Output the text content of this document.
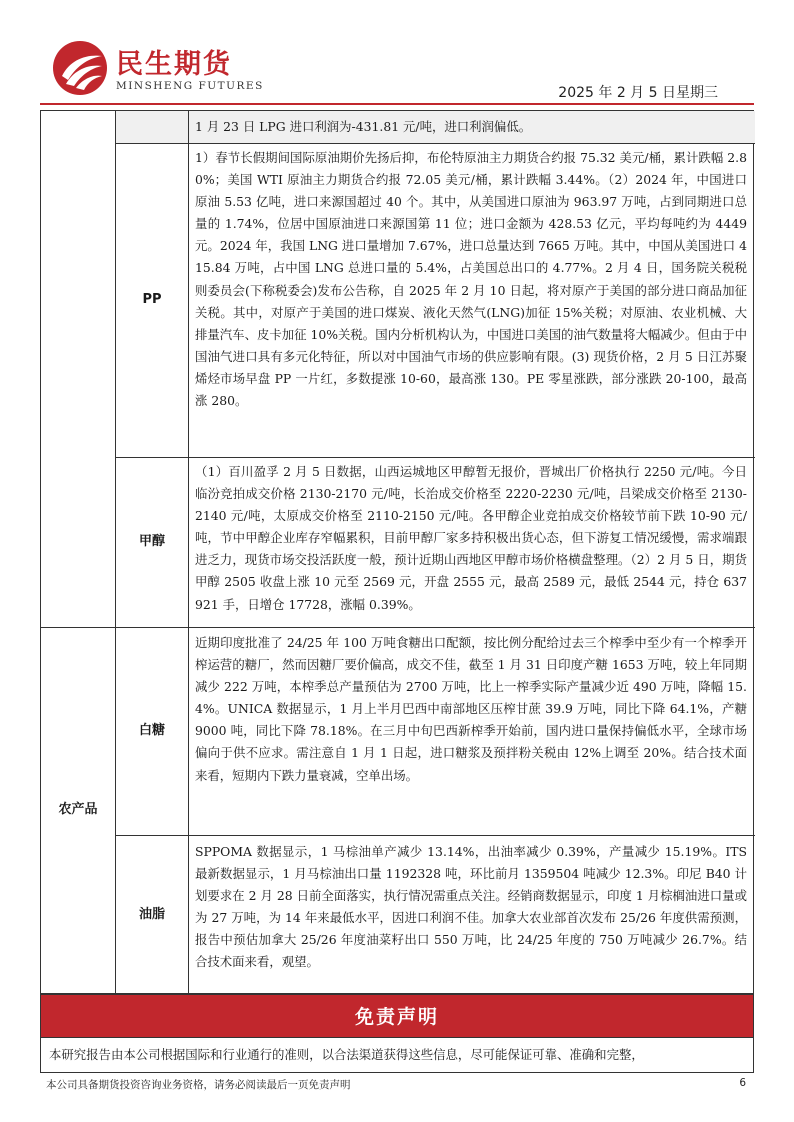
民生期货
MINSHENG FUTURES	2025 年 2 月 5 日星期三
1 月 23 日 LPG 进口利润为-431.81 元/吨，进口利润偏低。
PP
1）春节长假期间国际原油期价先扬后抑，布伦特原油主力期货合约报 75.32 美元/桶，累计跌幅 2.80%；美国 WTI 原油主力期货合约报 72.05 美元/桶，累计跌幅 3.44%。（2）2024 年，中国进口原油 5.53 亿吨，进口来源国超过 40 个。其中，从美国进口原油为 963.97 万吨，占到同期进口总量的 1.74%，位居中国原油进口来源国第 11 位；进口金额为 428.53 亿元，平均每吨约为 4449 元。2024 年，我国 LNG 进口量增加 7.67%，进口总量达到 7665 万吨。其中，中国从美国进口 415.84 万吨，占中国 LNG 总进口量的 5.4%，占美国总出口的 4.77%。2 月 4 日，国务院关税税则委员会(下称税委会)发布公告称，自 2025 年 2 月 10 日起，将对原产于美国的部分进口商品加征关税。其中，对原产于美国的进口煤炭、液化天然气(LNG)加征 15%关税；对原油、农业机械、大排量汽车、皮卡加征 10%关税。国内分析机构认为，中国进口美国的油气数量将大幅减少。但由于中国油气进口具有多元化特征，所以对中国油气市场的供应影响有限。(3) 现货价格，2 月 5 日江苏聚烯烃市场早盘 PP 一片红，多数提涨 10-60，最高涨 130。PE 零星涨跌，部分涨跌 20-100，最高涨 280。
甲醇
（1）百川盈孚 2 月 5 日数据，山西运城地区甲醇暂无报价，晋城出厂价格执行 2250 元/吨。今日临汾竞拍成交价格 2130-2170 元/吨，长治成交价格至 2220-2230 元/吨，吕梁成交价格至 2130-2140 元/吨，太原成交价格至 2110-2150 元/吨。各甲醇企业竞拍成交价格较节前下跌 10-90 元/吨，节中甲醇企业库存窄幅累积，目前甲醇厂家多持积极出货心态，但下游复工情况缓慢，需求端跟进乏力，现货市场交投活跃度一般，预计近期山西地区甲醇市场价格横盘整理。（2）2 月 5 日，期货甲醇 2505 收盘上涨 10 元至 2569 元，开盘 2555 元，最高 2589 元，最低 2544 元，持仓 637921 手，日增仓 17728，涨幅 0.39%。
农产品
白糖
近期印度批准了 24/25 年 100 万吨食糖出口配额，按比例分配给过去三个榨季中至少有一个榨季开榨运营的糖厂，然而因糖厂要价偏高，成交不佳，截至 1 月 31 日印度产糖 1653 万吨，较上年同期减少 222 万吨，本榨季总产量预估为 2700 万吨，比上一榨季实际产量减少近 490 万吨，降幅 15.4%。UNICA 数据显示，1 月上半月巴西中南部地区压榨甘蔗 39.9 万吨，同比下降 64.1%，产糖 9000 吨，同比下降 78.18%。在三月中旬巴西新榨季开始前，国内进口量保持偏低水平，全球市场偏向于供不应求。需注意自 1 月 1 日起，进口糖浆及预拌粉关税由 12%上调至 20%。结合技术面来看，短期内下跌力量衰减，空单出场。
油脂
SPPOMA 数据显示，1 马棕油单产减少 13.14%，出油率减少 0.39%，产量减少 15.19%。ITS 最新数据显示，1 月马棕油出口量 1192328 吨，环比前月 1359504 吨减少 12.3%。印尼 B40 计划要求在 2 月 28 日前全面落实，执行情况需重点关注。经销商数据显示，印度 1 月棕榈油进口量或为 27 万吨，为 14 年来最低水平，因进口利润不佳。加拿大农业部首次发布 25/26 年度供需预测，报告中预估加拿大 25/26 年度油菜籽出口 550 万吨，比 24/25 年度的 750 万吨减少 26.7%。结合技术面来看，观望。
免责声明
本研究报告由本公司根据国际和行业通行的准则，以合法渠道获得这些信息，尽可能保证可靠、准确和完整，
本公司具备期货投资咨询业务资格，请务必阅读最后一页免责声明	6
